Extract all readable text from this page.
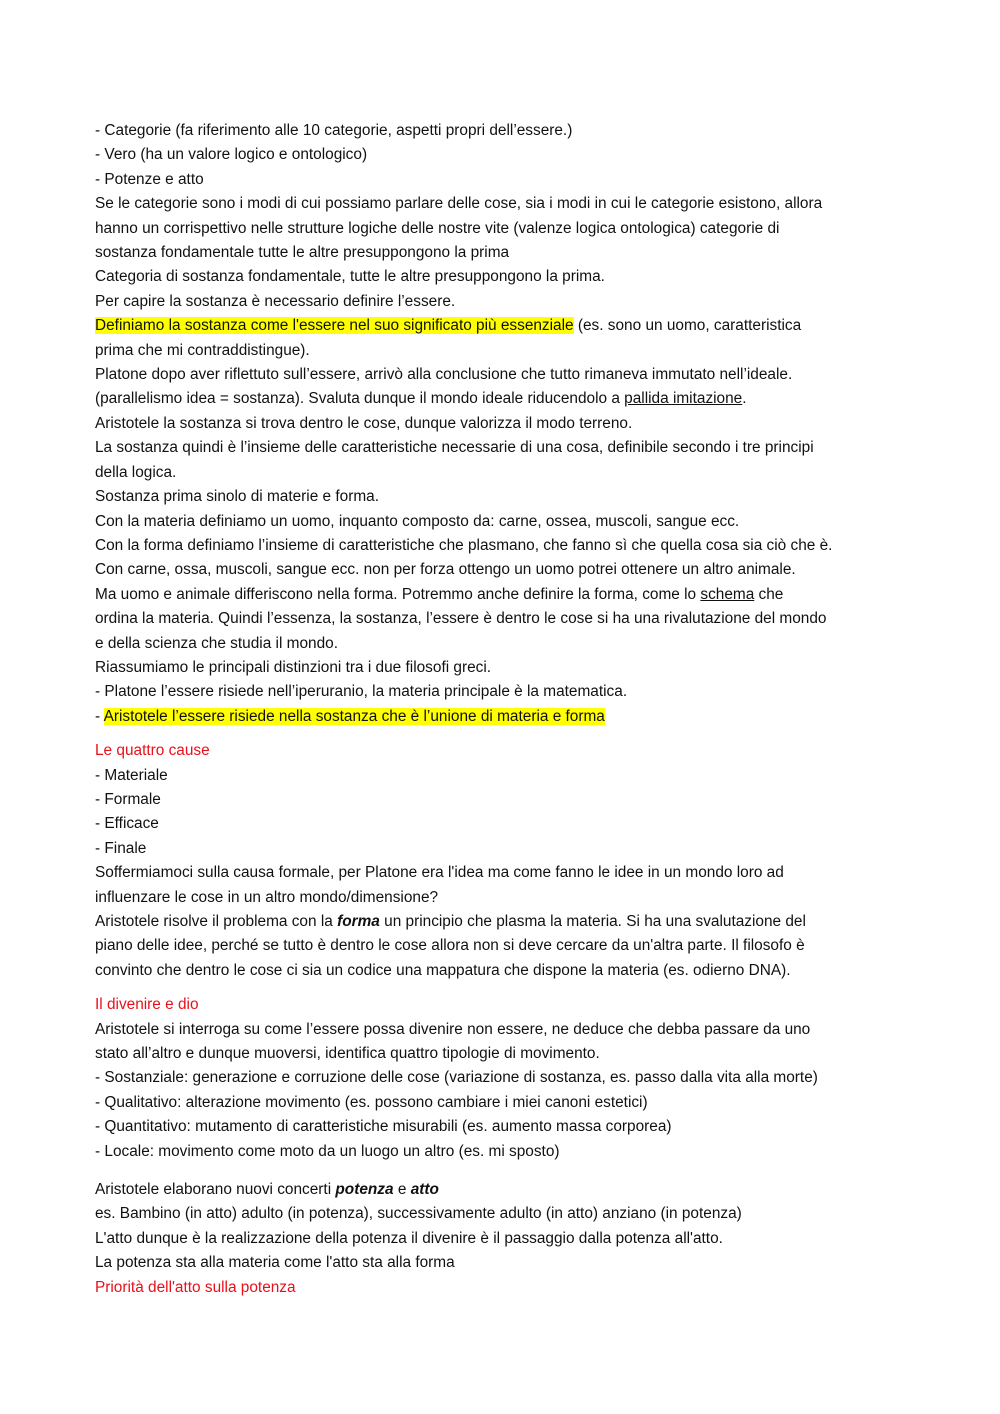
- Categorie (fa riferimento alle 10 categorie, aspetti propri dell’essere.)
- Vero (ha un valore logico e ontologico)
- Potenze e atto
Se le categorie sono i modi di cui possiamo parlare delle cose, sia i modi in cui le categorie esistono, allora
hanno un corrispettivo nelle strutture logiche delle nostre vite (valenze logica ontologica) categorie di
sostanza fondamentale tutte le altre presuppongono la prima
Categoria di sostanza fondamentale, tutte le altre presuppongono la prima.
Per capire la sostanza è necessario definire l’essere.
Definiamo la sostanza come l'essere nel suo significato più essenziale (es. sono un uomo, caratteristica
prima che mi contraddistingue).
Platone dopo aver riflettuto sull’essere, arrivò alla conclusione che tutto rimaneva immutato nell’ideale.
(parallelismo idea = sostanza). Svaluta dunque il mondo ideale riducendolo a pallida imitazione.
Aristotele la sostanza si trova dentro le cose, dunque valorizza il modo terreno.
La sostanza quindi è l’insieme delle caratteristiche necessarie di una cosa, definibile secondo i tre principi
della logica.
Sostanza prima sinolo di materie e forma.
Con la materia definiamo un uomo, inquanto composto da: carne, ossea, muscoli, sangue ecc.
Con la forma definiamo l’insieme di caratteristiche che plasmano, che fanno sì che quella cosa sia ciò che è.
Con carne, ossa, muscoli, sangue ecc. non per forza ottengo un uomo potrei ottenere un altro animale.
Ma uomo e animale differiscono nella forma. Potremmo anche definire la forma, come lo schema che
ordina la materia. Quindi l’essenza, la sostanza, l’essere è dentro le cose si ha una rivalutazione del mondo
e della scienza che studia il mondo.
Riassumiamo le principali distinzioni tra i due filosofi greci.
- Platone l’essere risiede nell’iperuranio, la materia principale è la matematica.
- Aristotele l’essere risiede nella sostanza che è l’unione di materia e forma
Le quattro cause
- Materiale
- Formale
- Efficace
- Finale
Soffermiamoci sulla causa formale, per Platone era l'idea ma come fanno le idee in un mondo loro ad
influenzare le cose in un altro mondo/dimensione?
Aristotele risolve il problema con la forma un principio che plasma la materia. Si ha una svalutazione del
piano delle idee, perché se tutto è dentro le cose allora non si deve cercare da un'altra parte. Il filosofo è
convinto che dentro le cose ci sia un codice una mappatura che dispone la materia (es. odierno DNA).
Il divenire e dio
Aristotele si interroga su come l’essere possa divenire non essere, ne deduce che debba passare da uno
stato all’altro e dunque muoversi, identifica quattro tipologie di movimento.
- Sostanziale: generazione e corruzione delle cose (variazione di sostanza, es. passo dalla vita alla morte)
- Qualitativo: alterazione movimento (es. possono cambiare i miei canoni estetici)
- Quantitativo: mutamento di caratteristiche misurabili (es. aumento massa corporea)
- Locale: movimento come moto da un luogo un altro (es. mi sposto)
Aristotele elaborano nuovi concerti potenza e atto
es. Bambino (in atto) adulto (in potenza), successivamente adulto (in atto) anziano (in potenza)
L'atto dunque è la realizzazione della potenza il divenire è il passaggio dalla potenza all'atto.
La potenza sta alla materia come l'atto sta alla forma
Priorità dell'atto sulla potenza
